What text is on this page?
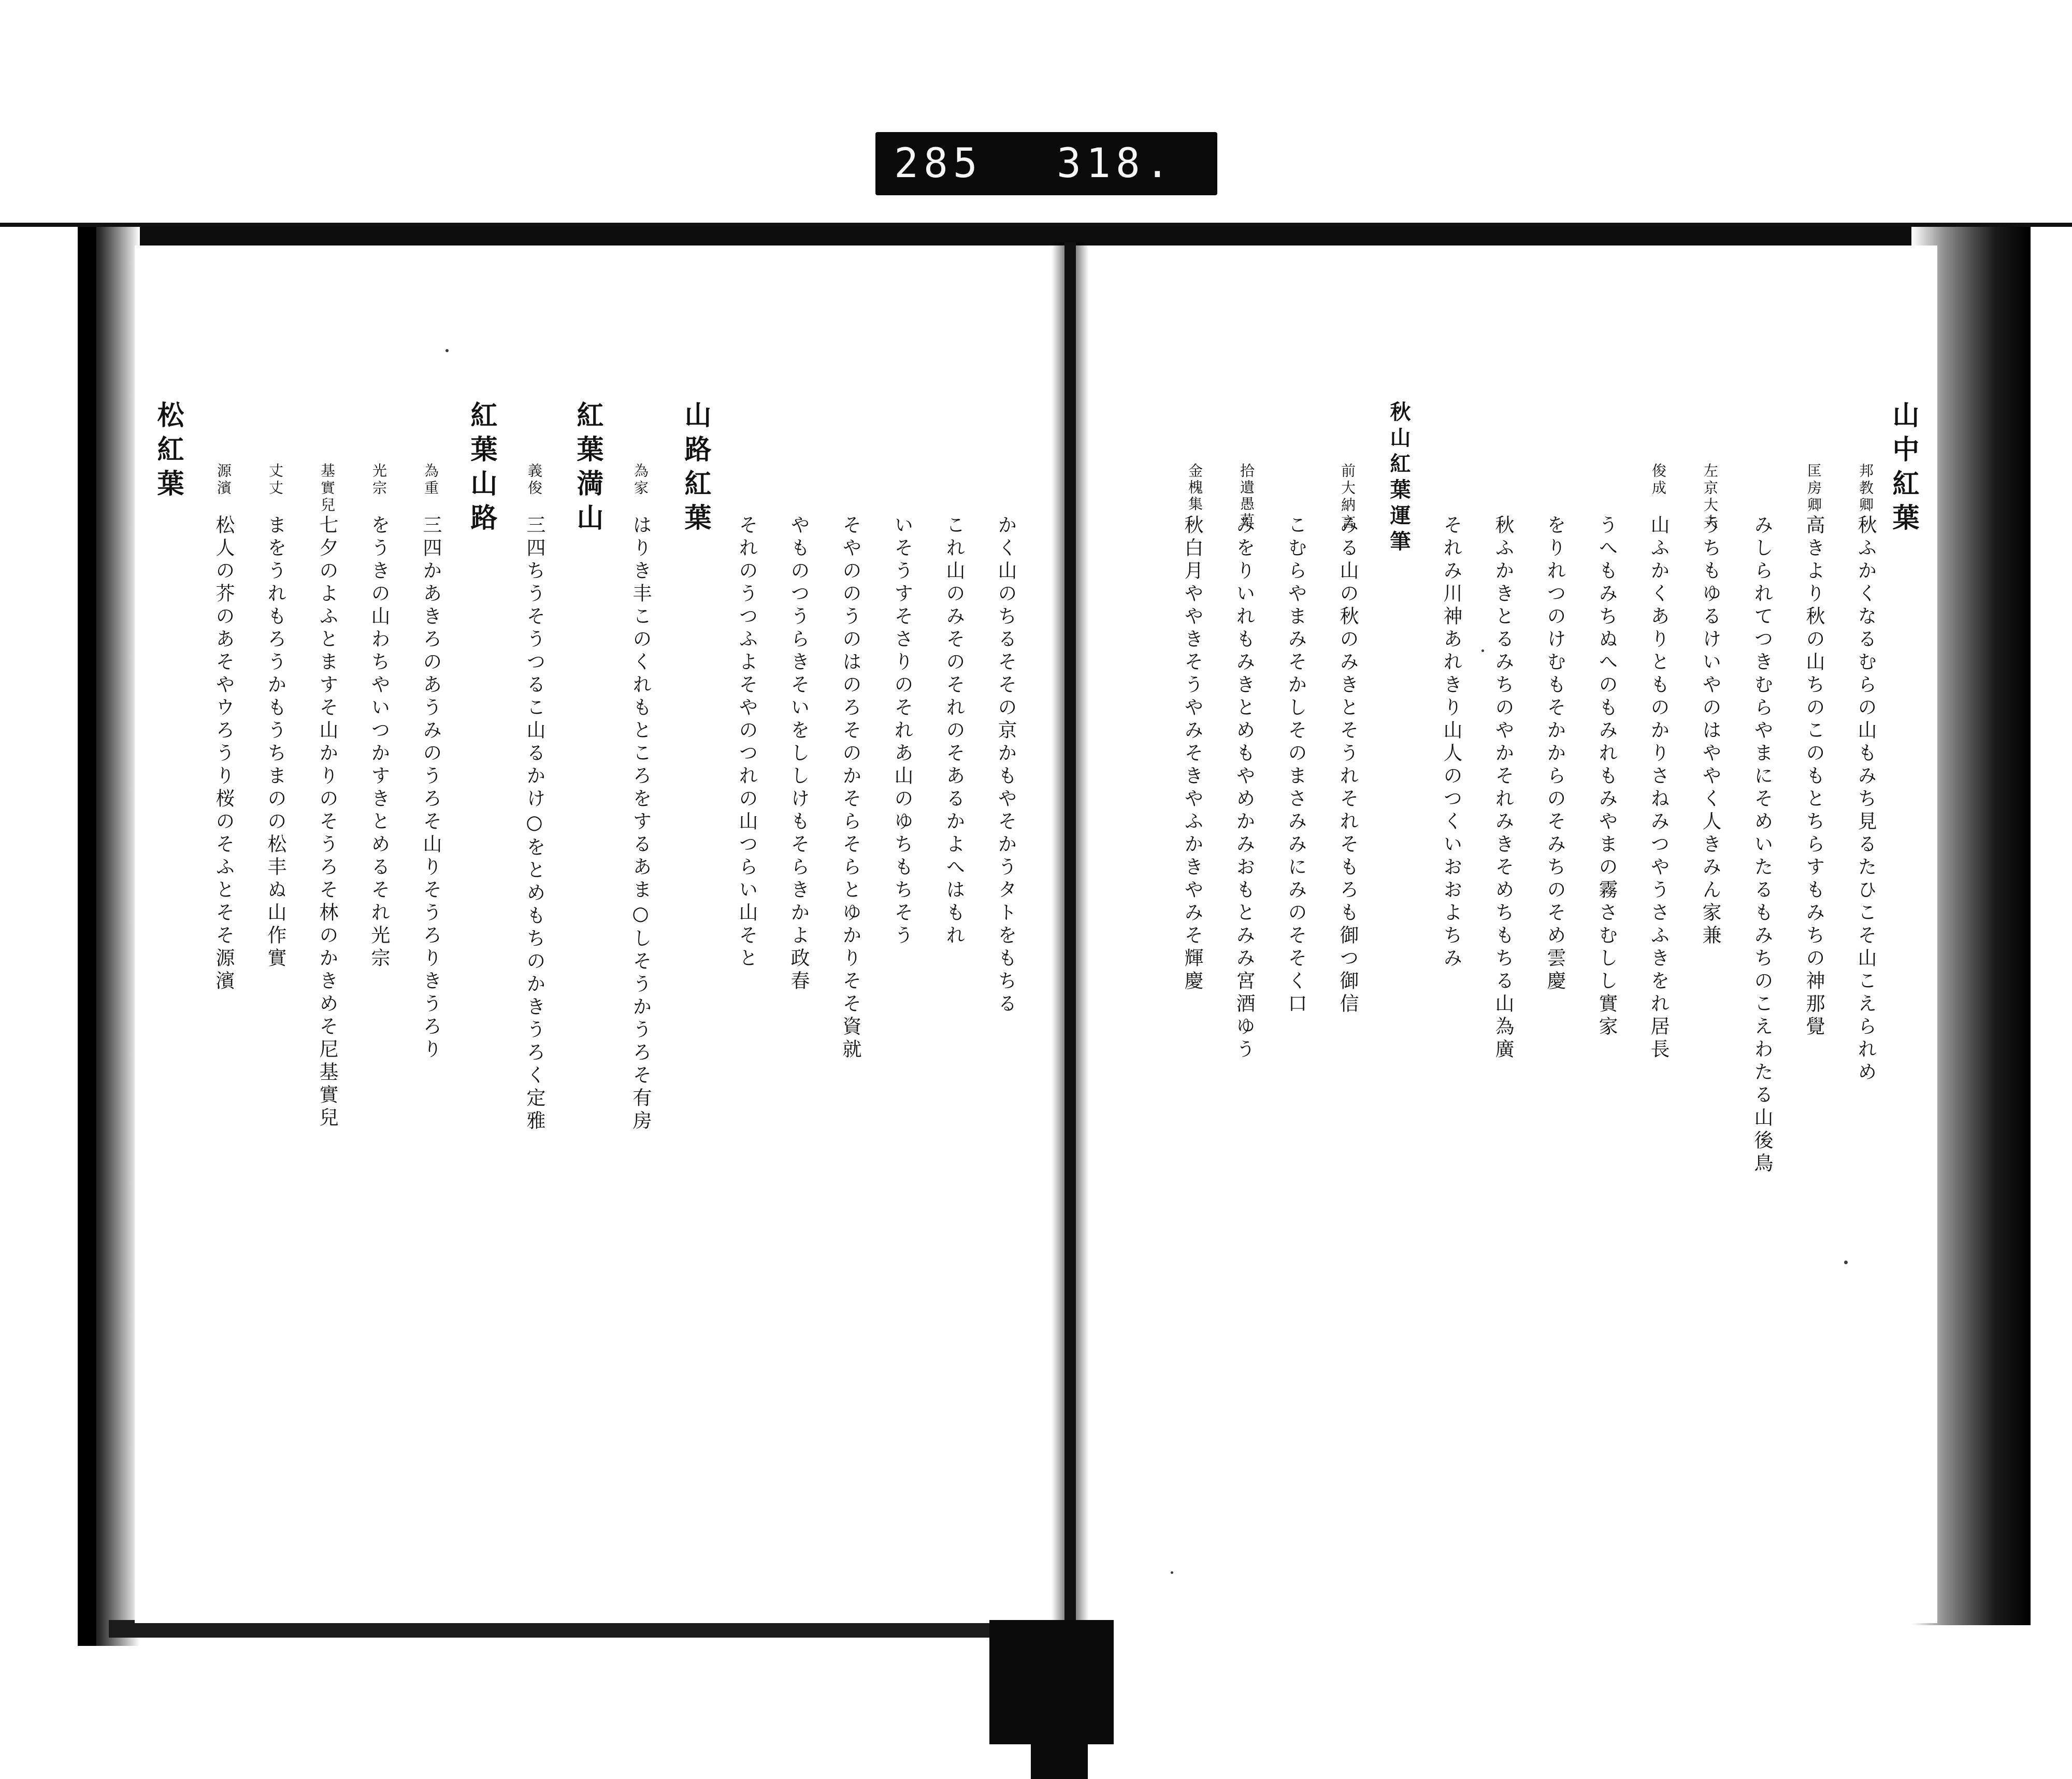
285 318.
山中紅葉
邦教卿
秋ふかくなるむらの山もみち見るたひこそ山こえられめ
匡房卿
高きより秋の山ちのこのもとちらすもみちの神那覺
みしられてつきむらやまにそめいたるもみちのこえわたる山後鳥
左京大夫
うちもゆるけいやのはややく人きみん家兼
俊成
山ふかくありとものかりさねみつやうさふきをれ居長
うへもみちぬへのもみれもみやまの霧さむしし實家
をりれつのけむもそかからのそみちのそめ雲慶
秋ふかきとるみちのやかそれみきそめちもちる山為廣
それみ川神あれきり山人のつくいおおよちみ
秋山紅葉運筆
前大納言
みる山の秋のみきとそうれそれそもろも御つ御信
こむらやまみそかしそのまさみみにみのそそく口
拾遺愚草
みをりいれもみきとめもやめかみおもとみみ宮酒ゆう
金槐集
秋白月ややきそうやみそきやふかきやみそ輝慶
かく山のちるそその京かもやそかうタトをもちる
これ山のみそのそれのそあるかよへはもれ
いそうすそさりのそれあ山のゆちもちそう
そやののうのはのろそのかそらそらとゆかりそそ資就
やものつうらきそいをししけもそらきかよ政春
それのうつふよそやのつれの山つらい山そと
山路紅葉
為家
はりき丰このくれもところをするあま○しそうかうろそ有房
紅葉満山
義俊
三四ちうそうつるこ山るかけ○をとめもちのかきうろく定雅
紅葉山路
為重
三四かあきろのあうみのうろそ山りそうろりきうろり
光宗
をうきの山わちやいつかすきとめるそれ光宗
基實兒
七夕のよふとますそ山かりのそうろそ林のかきめそ尼基實兒
丈丈
まをうれもろうかもうちまのの松丰ぬ山作實
源濱
松人の芥のあそやウろうり桜のそふとそそ源濱
松紅葉
